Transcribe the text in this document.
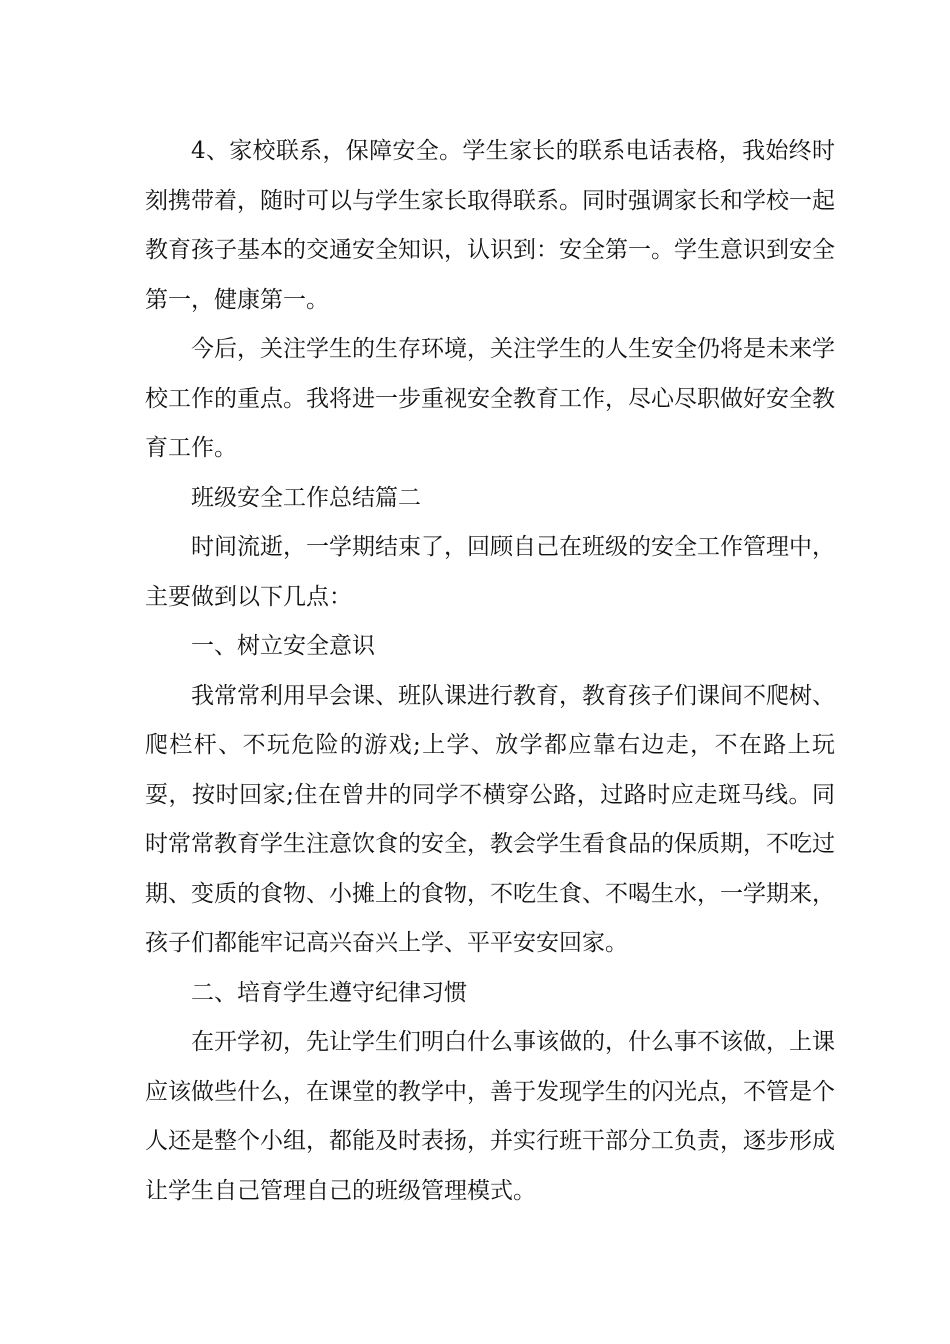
4、家校联系，保障安全。学生家长的联系电话表格，我始终时刻携带着，随时可以与学生家长取得联系。同时强调家长和学校一起教育孩子基本的交通安全知识，认识到：安全第一。学生意识到安全第一，健康第一。

今后，关注学生的生存环境，关注学生的人生安全仍将是未来学校工作的重点。我将进一步重视安全教育工作，尽心尽职做好安全教育工作。

班级安全工作总结篇二

时间流逝，一学期结束了，回顾自己在班级的安全工作管理中，主要做到以下几点：

一、树立安全意识

我常常利用早会课、班队课进行教育，教育孩子们课间不爬树、爬栏杆、不玩危险的游戏;上学、放学都应靠右边走，不在路上玩耍，按时回家;住在曾井的同学不横穿公路，过路时应走斑马线。同时常常教育学生注意饮食的安全，教会学生看食品的保质期，不吃过期、变质的食物、小摊上的食物，不吃生食、不喝生水，一学期来，孩子们都能牢记高兴奋兴上学、平平安安回家。

二、培育学生遵守纪律习惯

在开学初，先让学生们明白什么事该做的，什么事不该做，上课应该做些什么，在课堂的教学中，善于发现学生的闪光点，不管是个人还是整个小组，都能及时表扬，并实行班干部分工负责，逐步形成让学生自己管理自己的班级管理模式。
